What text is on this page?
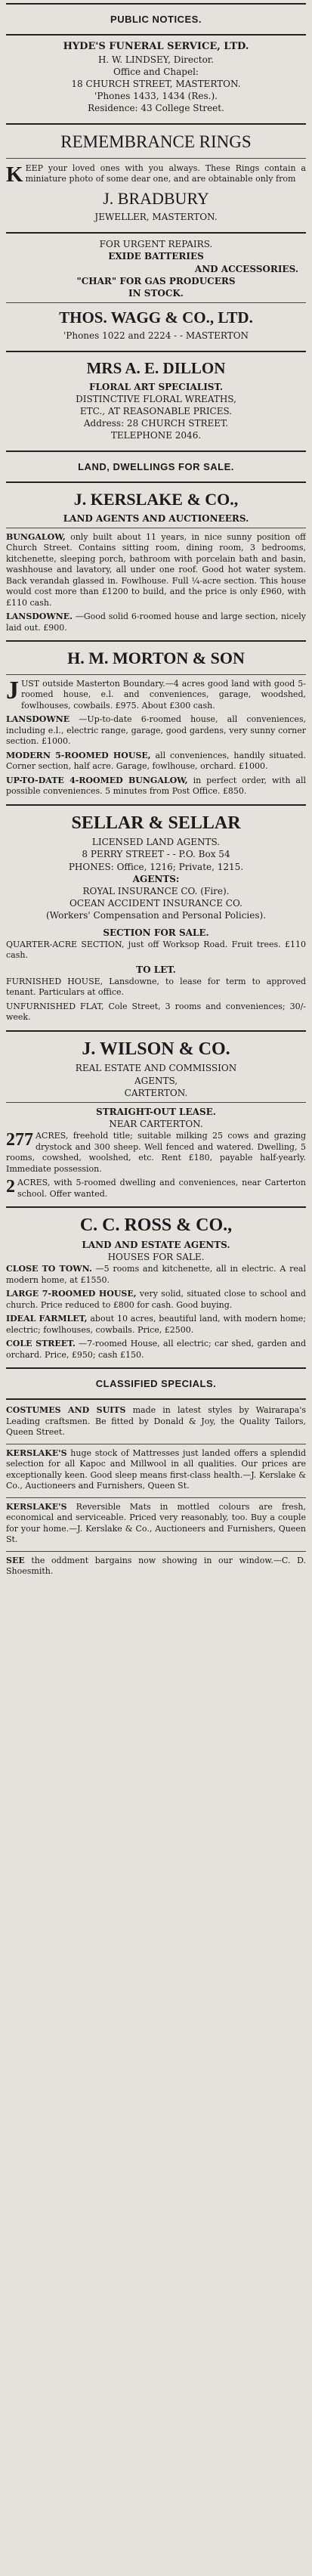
PUBLIC NOTICES.
HYDE'S FUNERAL SERVICE, LTD.
H. W. LINDSEY, Director.
Office and Chapel:
18 CHURCH STREET, MASTERTON.
'Phones 1433, 1434 (Res.).
Residence: 43 College Street.
REMEMBRANCE RINGS
K EEP your loved ones with you always. These Rings contain a miniature photo of some dear one, and are obtainable only from
J. BRADBURY
JEWELLER, MASTERTON.
FOR URGENT REPAIRS.
EXIDE BATTERIES
AND ACCESSORIES.
"CHAR" FOR GAS PRODUCERS
IN STOCK.
THOS. WAGG & CO., LTD.
'Phones 1022 and 2224 - - MASTERTON
MRS A. E. DILLON
FLORAL ART SPECIALIST.
DISTINCTIVE FLORAL WREATHS,
ETC., AT REASONABLE PRICES.
Address: 28 CHURCH STREET.
TELEPHONE 2046.
LAND, DWELLINGS FOR SALE.
J. KERSLAKE & CO.,
LAND AGENTS AND AUCTIONEERS.
BUNGALOW, only built about 11 years, in nice sunny position off Church Street. Contains sitting room, dining room, 3 bedrooms, kitchenette, sleeping porch, bathroom with porcelain bath and basin, washhouse and lavatory, all under one roof. Good hot water system. Back verandah glassed in. Fowlhouse. Full ¼-acre section. This house would cost more than £1200 to build, and the price is only £960, with £110 cash.
LANSDOWNE. —Good solid 6-roomed house and large section, nicely laid out. £900.
H. M. MORTON & SON
J UST outside Masterton Boundary.—4 acres good land with good 5-roomed house, e.l. and conveniences, garage, woodshed, fowlhouses, cowbails. £975. About £300 cash.
LANSDOWNE —Up-to-date 6-roomed house, all conveniences, including e.l., electric range, garage, good gardens, very sunny corner section. £1000.
MODERN 5-ROOMED HOUSE, all conveniences, handily situated. Corner section, half acre. Garage, fowlhouse, orchard. £1000.
UP-TO-DATE 4-ROOMED BUNGALOW, in perfect order, with all possible conveniences. 5 minutes from Post Office. £850.
SELLAR & SELLAR
LICENSED LAND AGENTS.
8 PERRY STREET - - P.O. Box 54
PHONES: Office, 1216; Private, 1215.
AGENTS:
ROYAL INSURANCE CO. (Fire).
OCEAN ACCIDENT INSURANCE CO.
(Workers' Compensation and Personal Policies).
SECTION FOR SALE.
QUARTER-ACRE SECTION, just off Worksop Road. Fruit trees. £110 cash.
TO LET.
FURNISHED HOUSE, Lansdowne, to lease for term to approved tenant. Particulars at office.
UNFURNISHED FLAT, Cole Street, 3 rooms and conveniences; 30/- week.
J. WILSON & CO.
REAL ESTATE AND COMMISSION
AGENTS,
CARTERTON.
STRAIGHT-OUT LEASE.
NEAR CARTERTON.
277 ACRES, freehold title; suitable milking 25 cows and grazing drystock and 300 sheep. Well fenced and watered. Dwelling, 5 rooms, cowshed, woolshed, etc. Rent £180, payable half-yearly. Immediate possession.
2 ACRES, with 5-roomed dwelling and conveniences, near Carterton school. Offer wanted.
C. C. ROSS & CO.,
LAND AND ESTATE AGENTS.
HOUSES FOR SALE.
CLOSE TO TOWN. —5 rooms and kitchenette, all in electric. A real modern home, at £1550.
LARGE 7-ROOMED HOUSE, very solid, situated close to school and church. Price reduced to £800 for cash. Good buying.
IDEAL FARMLET, about 10 acres, beautiful land, with modern home; electric; fowlhouses, cowbails. Price, £2500.
COLE STREET. —7-roomed House, all electric; car shed, garden and orchard. Price, £950; cash £150.
CLASSIFIED SPECIALS.
COSTUMES AND SUITS made in latest styles by Wairarapa's Leading craftsmen. Be fitted by Donald & Joy, the Quality Tailors, Queen Street.
KERSLAKE'S huge stock of Mattresses just landed offers a splendid selection for all Kapoc and Millwool in all qualities. Our prices are exceptionally keen. Good sleep means first-class health.—J. Kerslake & Co., Auctioneers and Furnishers, Queen St.
KERSLAKE'S Reversible Mats in mottled colours are fresh, economical and serviceable. Priced very reasonably, too. Buy a couple for your home.—J. Kerslake & Co., Auctioneers and Furnishers, Queen St.
SEE the oddment bargains now showing in our window.—C. D. Shoesmith.
